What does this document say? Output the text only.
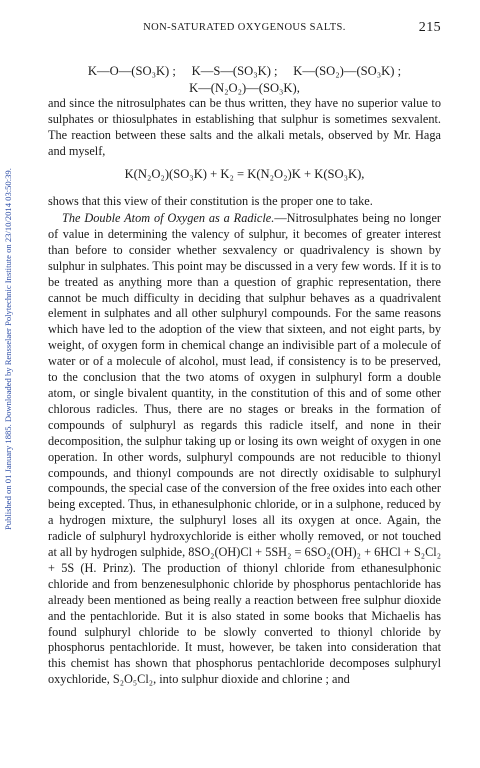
Published on 01 January 1885. Downloaded by Rensselaer Polytechnic Institute on 23/10/2014 03:50:39.
NON-SATURATED OXYGENOUS SALTS.	215
K—O—(SO₃K) ;     K—S—(SO₃K) ;     K—(SO₂)—(SO₃K) ;
K—(N₂O₂)—(SO₃K),
and since the nitrosulphates can be thus written, they have no superior value to sulphates or thiosulphates in establishing that sulphur is sometimes sexvalent. The reaction between these salts and the alkali metals, observed by Mr. Haga and myself,
K(N₂O₂)(SO₃K) + K₂ = K(N₂O₂)K + K(SO₃K),
shows that this view of their constitution is the proper one to take.
The Double Atom of Oxygen as a Radicle.—Nitrosulphates being no longer of value in determining the valency of sulphur, it becomes of greater interest than before to consider whether sexvalency or quadrivalency is shown by sulphur in sulphates. This point may be discussed in a very few words. If it is to be treated as anything more than a question of graphic representation, there cannot be much difficulty in deciding that sulphur behaves as a quadrivalent element in sulphates and all other sulphuryl compounds. For the same reasons which have led to the adoption of the view that sixteen, and not eight parts, by weight, of oxygen form in chemical change an indivisible part of a molecule of water or of a molecule of alcohol, must lead, if consistency is to be preserved, to the conclusion that the two atoms of oxygen in sulphuryl form a double atom, or single bivalent quantity, in the constitution of this and of some other chlorous radicles. Thus, there are no stages or breaks in the formation of compounds of sulphuryl as regards this radicle itself, and none in their decomposition, the sulphur taking up or losing its own weight of oxygen in one operation. In other words, sulphuryl compounds are not reducible to thionyl compounds, and thionyl compounds are not directly oxidisable to sulphuryl compounds, the special case of the conversion of the free oxides into each other being excepted. Thus, in ethanesulphonic chloride, or in a sulphone, reduced by a hydrogen mixture, the sulphuryl loses all its oxygen at once. Again, the radicle of sulphuryl hydroxychloride is either wholly removed, or not touched at all by hydrogen sulphide, 8SO₂(OH)Cl + 5SH₂ = 6SO₂(OH)₂ + 6HCl + S₂Cl₂ + 5S (H. Prinz). The production of thionyl chloride from ethanesulphonic chloride and from benzenesulphonic chloride by phosphorus pentachloride has already been mentioned as being really a reaction between free sulphur dioxide and the pentachloride. But it is also stated in some books that Michaelis has found sulphuryl chloride to be slowly converted to thionyl chloride by phosphorus pentachloride. It must, however, be taken into consideration that this chemist has shown that phosphorus pentachloride decomposes sulphuryl oxychloride, S₂O₅Cl₂, into sulphur dioxide and chlorine ; and
